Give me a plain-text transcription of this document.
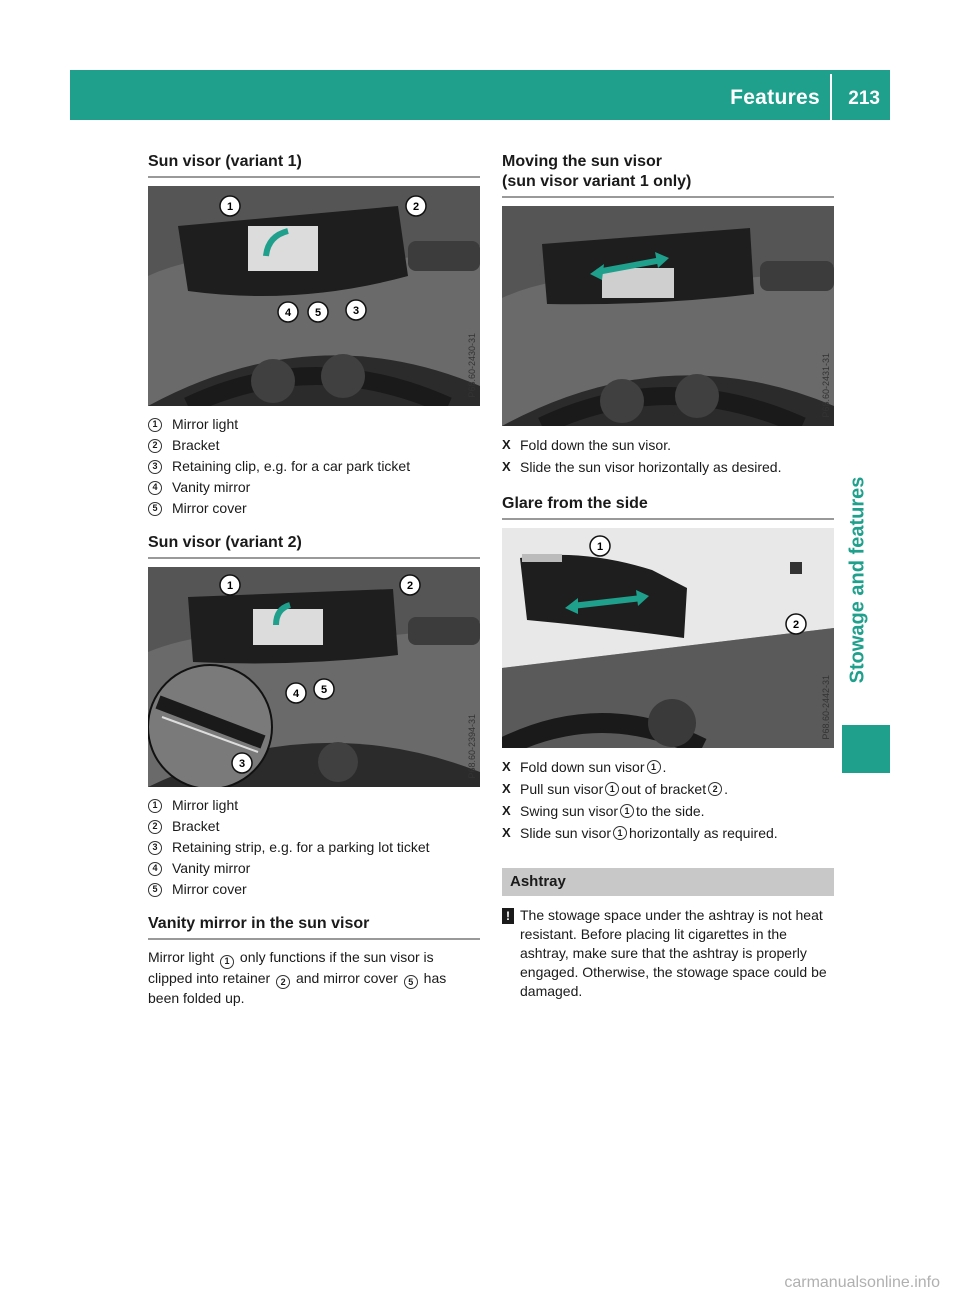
Features 213
Stowage and features
Sun visor (variant 1)
1	2
3
4 5
P68.60-2430-31
1	Mirror light
2	Bracket
3	Retaining clip, e.g. for a car park ticket
4	Vanity mirror
5	Mirror cover
Sun visor (variant 2)
1	2
3
4 5
P68.60-2394-31
1	Mirror light
2	Bracket
3	Retaining strip, e.g. for a parking lot ticket
4	Vanity mirror
5	Mirror cover
Vanity mirror in the sun visor

Mirror light 1 only functions if the sun visor is clipped into retainer 2 and mirror cover 5 has been folded up.

Moving the sun visor
(sun visor variant 1 only)
P68.60-2431-31
X Fold down the sun visor.
X Slide the sun visor horizontally as desired.
Glare from the side
1
2
P68.60-2442-31
X Fold down sun visor 1 .
X Pull sun visor 1 out of bracket 2 .
X Swing sun visor 1 to the side.
X Slide sun visor 1 horizontally as required.
Ashtray
! The stowage space under the ashtray is not heat resistant. Before placing lit cigarettes in the ashtray, make sure that the ashtray is properly engaged. Otherwise, the stowage space could be damaged.
carmanualsonline.info
